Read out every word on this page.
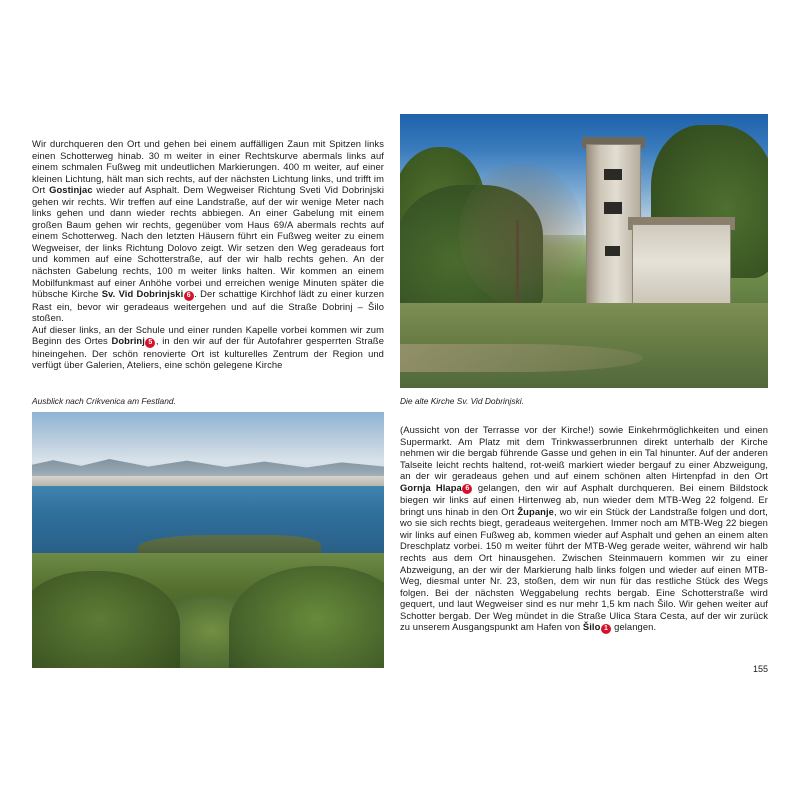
Wir durchqueren den Ort und gehen bei einem auffälligen Zaun mit Spitzen links einen Schotterweg hinab. 30 m weiter in einer Rechtskurve abermals links auf einem schmalen Fußweg mit undeutlichen Markierungen. 400 m weiter, auf einer kleinen Lichtung, hält man sich rechts, auf der nächsten Lichtung links, und trifft im Ort Gostinjac wieder auf Asphalt. Dem Wegweiser Richtung Sveti Vid Dobrinjski gehen wir rechts. Wir treffen auf eine Landstraße, auf der wir wenige Meter nach links gehen und dann wieder rechts abbiegen. An einer Gabelung mit einem großen Baum gehen wir rechts, gegenüber vom Haus 69/A abermals rechts auf einem Schotterweg. Nach den letzten Häusern führt ein Fußweg weiter zu einem Wegweiser, der links Richtung Dolovo zeigt. Wir setzen den Weg geradeaus fort und kommen auf eine Schotterstraße, auf der wir halb rechts gehen. An der nächsten Gabelung rechts, 100 m weiter links halten. Wir kommen an einem Mobilfunkmast auf einer Anhöhe vorbei und erreichen wenige Minuten später die hübsche Kirche Sv. Vid Dobrinjski 6 . Der schattige Kirchhof lädt zu einer kurzen Rast ein, bevor wir geradeaus weitergehen und auf die Straße Dobrinj – Šilo stoßen.

Auf dieser links, an der Schule und einer runden Kapelle vorbei kommen wir zum Beginn des Ortes Dobrinj 5 , in den wir auf der für Autofahrer gesperrten Straße hineingehen. Der schön renovierte Ort ist kulturelles Zentrum der Region und verfügt über Galerien, Ateliers, eine schön gelegene Kirche

Ausblick nach Crikvenica am Festland.	Die alte Kirche Sv. Vid Dobrinjski.

(Aussicht von der Terrasse vor der Kirche!) sowie Einkehrmöglichkeiten und einen Supermarkt. Am Platz mit dem Trinkwasserbrunnen direkt unterhalb der Kirche nehmen wir die bergab führende Gasse und gehen in ein Tal hinunter. Auf der anderen Talseite leicht rechts haltend, rot-weiß markiert wieder bergauf zu einer Abzweigung, an der wir geradeaus gehen und auf einem schönen alten Hirtenpfad in den Ort Gornja Hlapa 6 gelangen, den wir auf Asphalt durchqueren. Bei einem Bildstock biegen wir links auf einen Hirtenweg ab, nun wieder dem MTB-Weg 22 folgend. Er bringt uns hinab in den Ort Županje, wo wir ein Stück der Landstraße folgen und dort, wo sie sich rechts biegt, geradeaus weitergehen. Immer noch am MTB-Weg 22 biegen wir links auf einen Fußweg ab, kommen wieder auf Asphalt und gehen an einem alten Dreschplatz vorbei. 150 m weiter führt der MTB-Weg gerade weiter, während wir halb rechts aus dem Ort hinausgehen. Zwischen Steinmauern kommen wir zu einer Abzweigung, an der wir der Markierung halb links folgen und wieder auf einen MTB-Weg, diesmal unter Nr. 23, stoßen, dem wir nun für das restliche Stück des Wegs folgen. Bei der nächsten Weggabelung rechts bergab. Eine Schotterstraße wird gequert, und laut Wegweiser sind es nur mehr 1,5 km nach Šilo. Wir gehen weiter auf Schotter bergab. Der Weg mündet in die Straße Ulica Stara Cesta, auf der wir zurück zu unserem Ausgangspunkt am Hafen von Šilo 1 gelangen.

155
